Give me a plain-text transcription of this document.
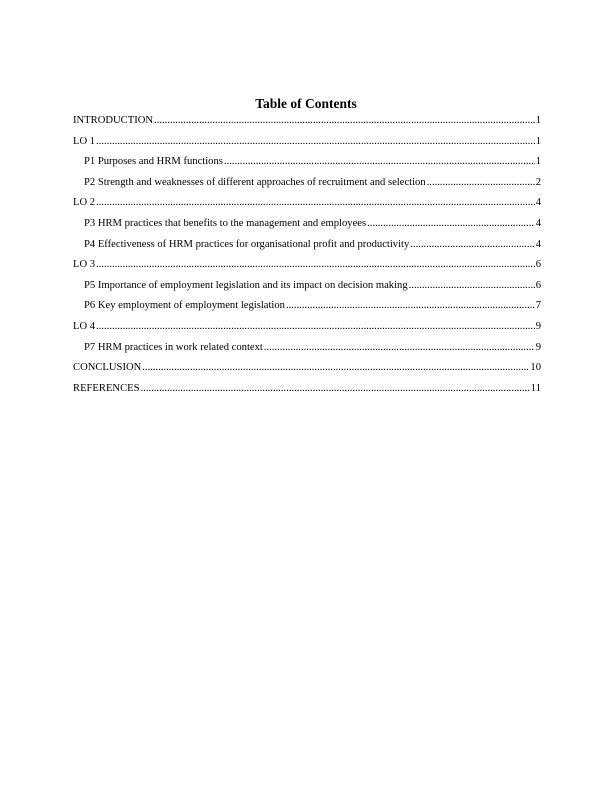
Table of Contents
INTRODUCTION .....	1
LO 1 .....	1
P1 Purposes and HRM functions .....	1
P2 Strength and weaknesses of different approaches of recruitment and selection .....	2
LO 2 .....	4
P3 HRM practices that benefits to the management and employees .....	4
P4 Effectiveness of HRM practices for organisational profit and productivity .....	4
LO 3 .....	6
P5 Importance of employment legislation and its impact on decision making .....	6
P6 Key employment of employment legislation .....	7
LO 4 .....	9
P7 HRM practices in work related context .....	9
CONCLUSION .....	10
REFERENCES .....	11
